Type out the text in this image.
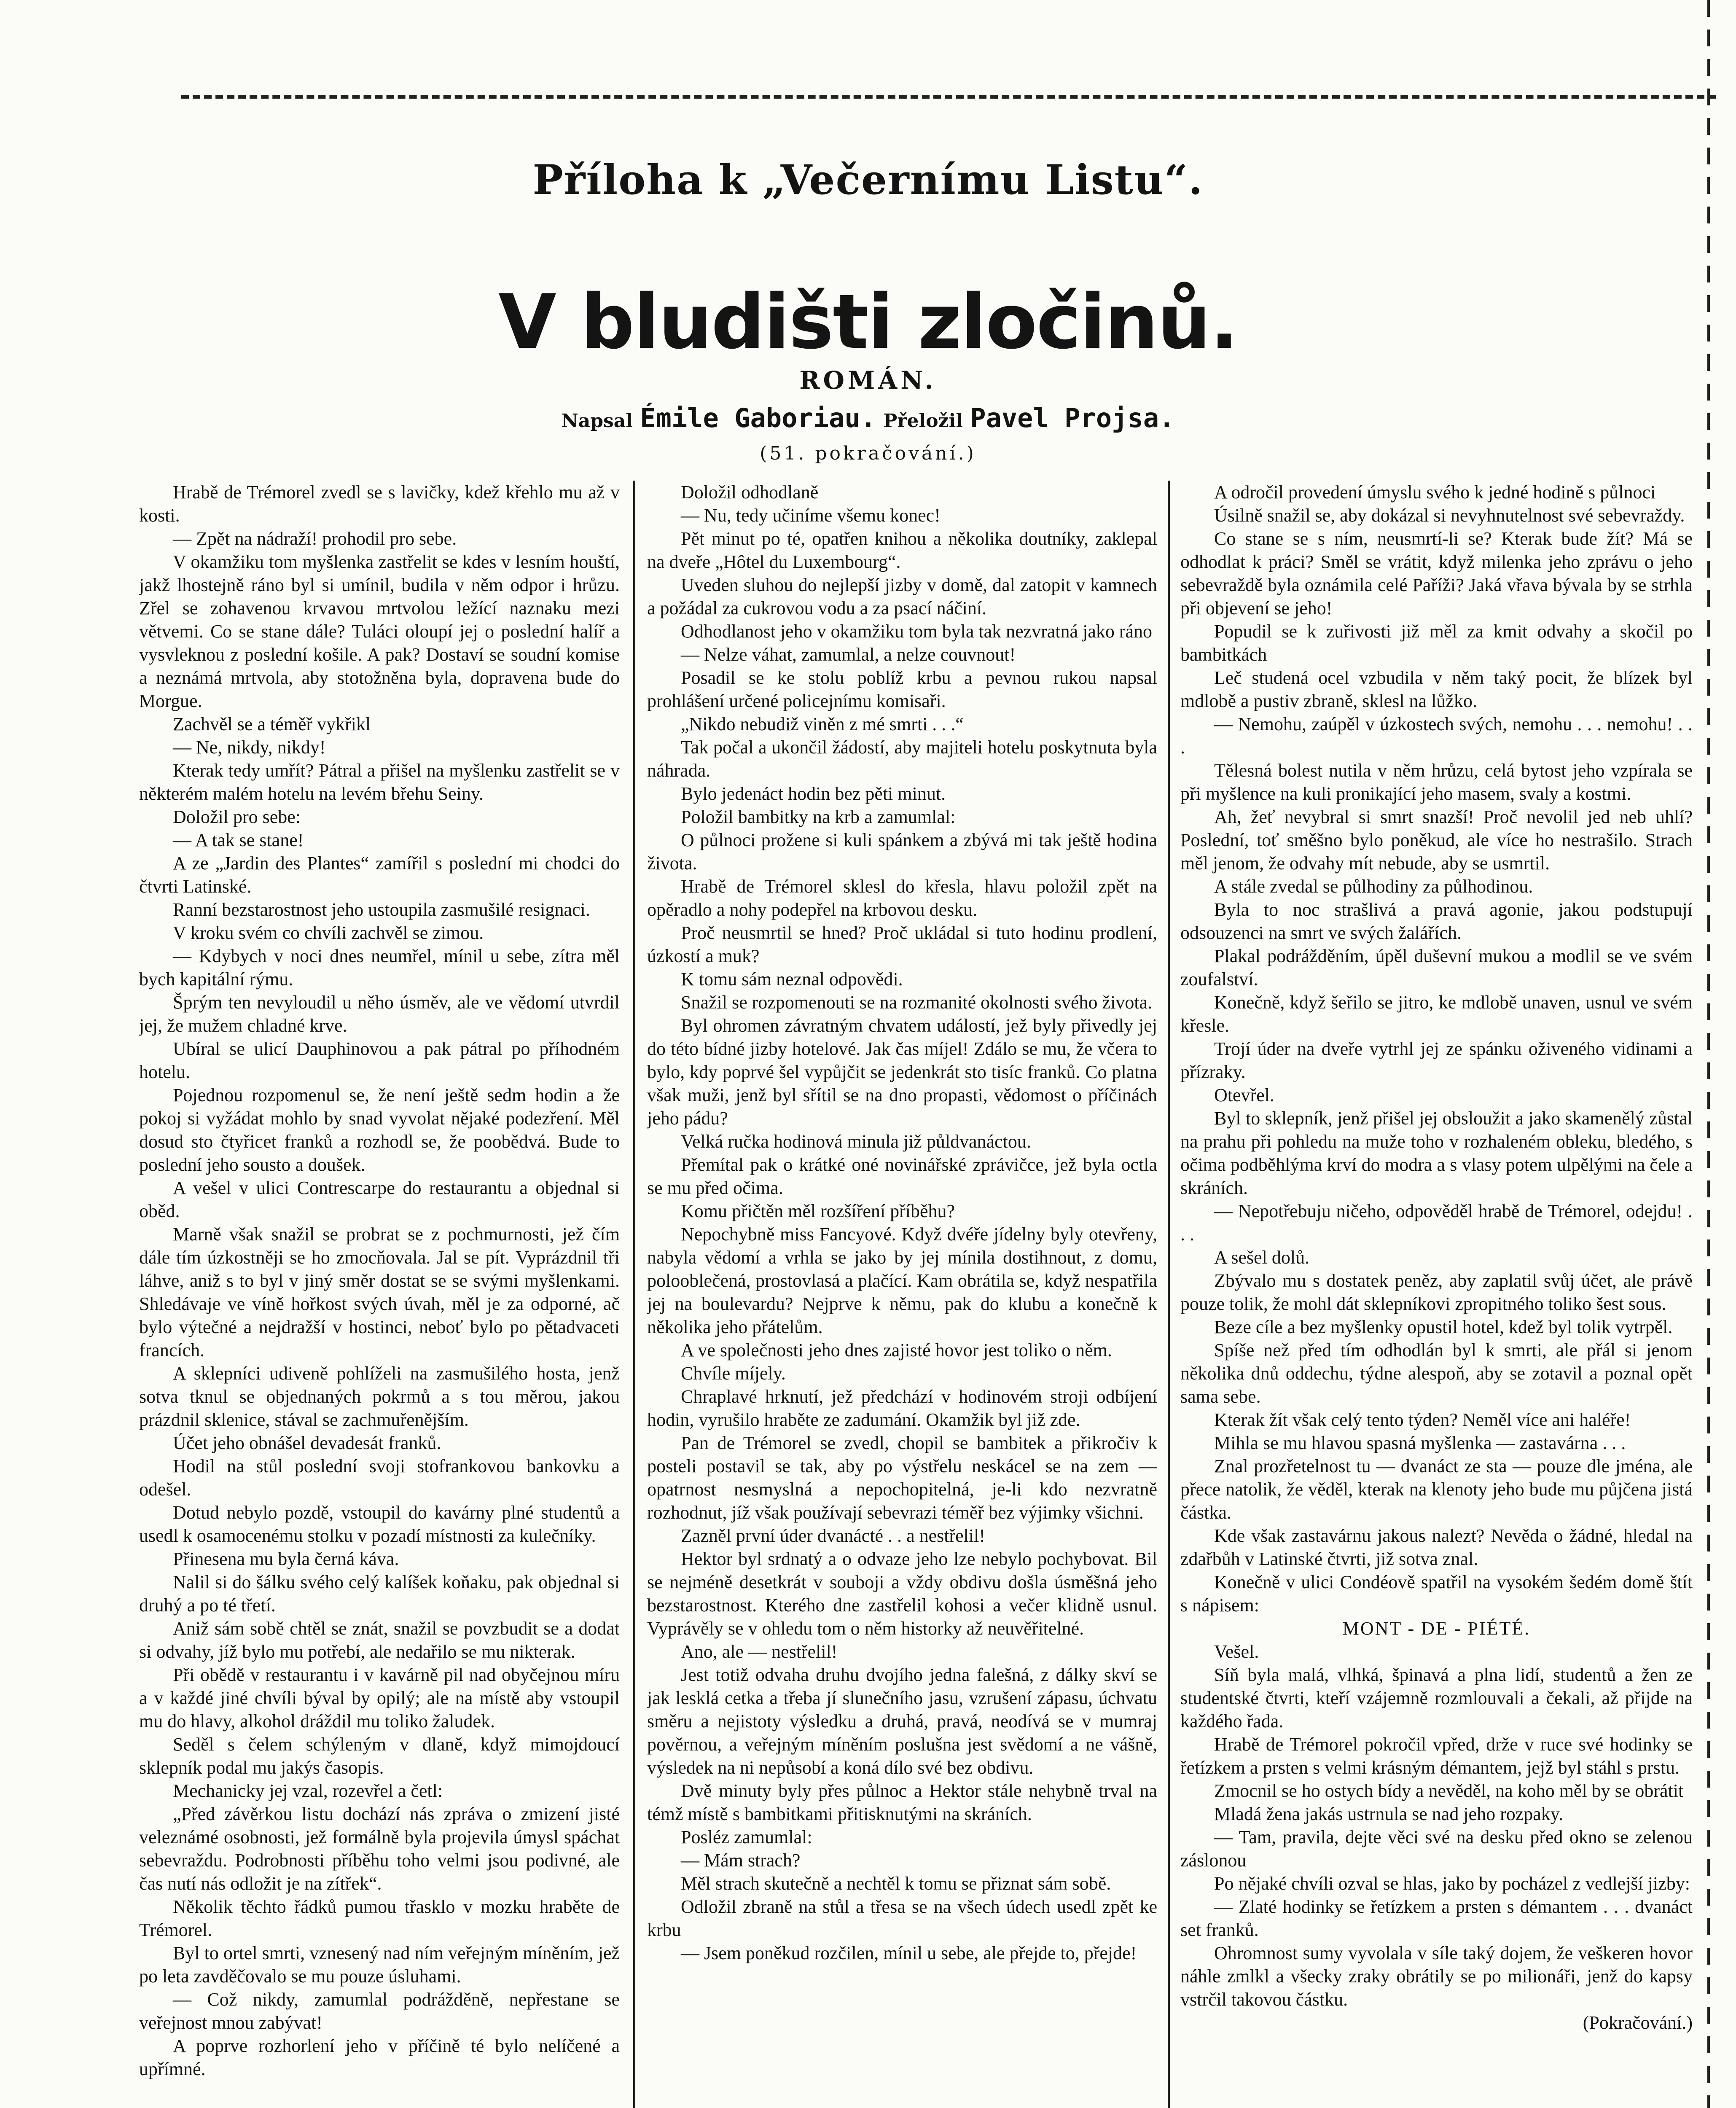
Příloha k „Večernímu Listu“.
V bludišti zločinů.
ROMÁN.
Napsal Émile Gaboriau. Přeložil Pavel Projsa.
(51. pokračování.)

Hrabě de Trémorel zvedl se s lavičky, kdež křehlo mu až v kosti.

— Zpět na nádraží! prohodil pro sebe.

V okamžiku tom myšlenka zastřelit se kdes v lesním houští, jakž lhostejně ráno byl si umínil, budila v něm odpor i hrůzu. Zřel se zohavenou krvavou mrtvolou ležící naznaku mezi větvemi. Co se stane dále? Tuláci oloupí jej o poslední halíř a vysvleknou z poslední košile. A pak? Dostaví se soudní komise a neznámá mrtvola, aby stotožněna byla, dopravena bude do Morgue.

Zachvěl se a téměř vykřikl

— Ne, nikdy, nikdy!

Kterak tedy umřít? Pátral a přišel na myšlenku zastřelit se v některém malém hotelu na levém břehu Seiny.

Doložil pro sebe:

— A tak se stane!

A ze „Jardin des Plantes“ zamířil s poslední mi chodci do čtvrti Latinské.

Ranní bezstarostnost jeho ustoupila zasmušilé resignaci.

V kroku svém co chvíli zachvěl se zimou.

— Kdybych v noci dnes neumřel, mínil u sebe, zítra měl bych kapitální rýmu.

Šprým ten nevyloudil u něho úsměv, ale ve vědomí utvrdil jej, že mužem chladné krve.

Ubíral se ulicí Dauphinovou a pak pátral po příhodném hotelu.

Pojednou rozpomenul se, že není ještě sedm hodin a že pokoj si vyžádat mohlo by snad vyvolat nějaké podezření. Měl dosud sto čtyřicet franků a rozhodl se, že poobědvá. Bude to poslední jeho sousto a doušek.

A vešel v ulici Contrescarpe do restaurantu a objednal si oběd.

Marně však snažil se probrat se z pochmurnosti, jež čím dále tím úzkostněji se ho zmocňovala. Jal se pít. Vyprázdnil tři láhve, aniž s to byl v jiný směr dostat se se svými myšlenkami. Shledávaje ve víně hořkost svých úvah, měl je za odporné, ač bylo výtečné a nejdražší v hostinci, neboť bylo po pětadvaceti francích.

A sklepníci udiveně pohlíželi na zasmušilého hosta, jenž sotva tknul se objednaných pokrmů a s tou měrou, jakou prázdnil sklenice, stával se zachmuřenějším.

Účet jeho obnášel devadesát franků.

Hodil na stůl poslední svoji stofrankovou bankovku a odešel.

Dotud nebylo pozdě, vstoupil do kavárny plné studentů a usedl k osamocenému stolku v pozadí místnosti za kulečníky.

Přinesena mu byla černá káva.

Nalil si do šálku svého celý kalíšek koňaku, pak objednal si druhý a po té třetí.

Aniž sám sobě chtěl se znát, snažil se povzbudit se a dodat si odvahy, jíž bylo mu potřebí, ale nedařilo se mu nikterak.

Při obědě v restaurantu i v kavárně pil nad obyčejnou míru a v každé jiné chvíli býval by opilý; ale na místě aby vstoupil mu do hlavy, alkohol dráždil mu toliko žaludek.

Seděl s čelem schýleným v dlaně, když mimojdoucí sklepník podal mu jakýs časopis.

Mechanicky jej vzal, rozevřel a četl:

„Před závěrkou listu dochází nás zpráva o zmizení jisté veleznámé osobnosti, jež formálně byla projevila úmysl spáchat sebevraždu. Podrobnosti příběhu toho velmi jsou podivné, ale čas nutí nás odložit je na zítřek“.

Několik těchto řádků pumou třasklo v mozku hraběte de Trémorel.

Byl to ortel smrti, vznesený nad ním veřejným míněním, jež po leta zavděčovalo se mu pouze úsluhami.

— Což nikdy, zamumlal podrážděně, nepřestane se veřejnost mnou zabývat!

A poprve rozhorlení jeho v příčině té bylo nelíčené a upřímné.

Doložil odhodlaně

— Nu, tedy učiníme všemu konec!

Pět minut po té, opatřen knihou a několika doutníky, zaklepal na dveře „Hôtel du Luxembourg“.

Uveden sluhou do nejlepší jizby v domě, dal zatopit v kamnech a požádal za cukrovou vodu a za psací náčiní.

Odhodlanost jeho v okamžiku tom byla tak nezvratná jako ráno

— Nelze váhat, zamumlal, a nelze couvnout!

Posadil se ke stolu poblíž krbu a pevnou rukou napsal prohlášení určené policejnímu komisaři.

„Nikdo nebudiž viněn z mé smrti . . .“

Tak počal a ukončil žádostí, aby majiteli hotelu poskytnuta byla náhrada.

Bylo jedenáct hodin bez pěti minut.

Položil bambitky na krb a zamumlal:

O půlnoci prožene si kuli spánkem a zbývá mi tak ještě hodina života.

Hrabě de Trémorel sklesl do křesla, hlavu položil zpět na opěradlo a nohy podepřel na krbovou desku.

Proč neusmrtil se hned? Proč ukládal si tuto hodinu prodlení, úzkostí a muk?

K tomu sám neznal odpovědi.

Snažil se rozpomenouti se na rozmanité okolnosti svého života.

Byl ohromen závratným chvatem událostí, jež byly přivedly jej do této bídné jizby hotelové. Jak čas míjel! Zdálo se mu, že včera to bylo, kdy poprvé šel vypůjčit se jedenkrát sto tisíc franků. Co platna však muži, jenž byl sřítil se na dno propasti, vědomost o příčinách jeho pádu?

Velká ručka hodinová minula již půldvanáctou.

Přemítal pak o krátké oné novinářské zprávičce, jež byla octla se mu před očima.

Komu přičtěn měl rozšíření příběhu?

Nepochybně miss Fancyové. Když dvéře jídelny byly otevřeny, nabyla vědomí a vrhla se jako by jej mínila dostihnout, z domu, polooblečená, prostovlasá a plačící. Kam obrátila se, když nespatřila jej na boulevardu? Nejprve k němu, pak do klubu a konečně k několika jeho přátelům.

A ve společnosti jeho dnes zajisté hovor jest toliko o něm.

Chvíle míjely.

Chraplavé hrknutí, jež předchází v hodinovém stroji odbíjení hodin, vyrušilo hraběte ze zadumání. Okamžik byl již zde.

Pan de Trémorel se zvedl, chopil se bambitek a přikročiv k posteli postavil se tak, aby po výstřelu neskácel se na zem — opatrnost nesmyslná a nepochopitelná, je-li kdo nezvratně rozhodnut, jíž však používají sebevrazi téměř bez výjimky všichni.

Zazněl první úder dvanácté . . a nestřelil!

Hektor byl srdnatý a o odvaze jeho lze nebylo pochybovat. Bil se nejméně desetkrát v souboji a vždy obdivu došla úsměšná jeho bezstarostnost. Kterého dne zastřelil kohosi a večer klidně usnul. Vyprávěly se v ohledu tom o něm historky až neuvěřitelné.

Ano, ale — nestřelil!

Jest totiž odvaha druhu dvojího jedna falešná, z dálky skví se jak lesklá cetka a třeba jí slunečního jasu, vzrušení zápasu, úchvatu směru a nejistoty výsledku a druhá, pravá, neodívá se v mumraj pověrnou, a veřejným míněním poslušna jest svědomí a ne vášně, výsledek na ni nepůsobí a koná dílo své bez obdivu.

Dvě minuty byly přes půlnoc a Hektor stále nehybně trval na témž místě s bambitkami přitisknutými na skráních.

Posléz zamumlal:

— Mám strach?

Měl strach skutečně a nechtěl k tomu se přiznat sám sobě.

Odložil zbraně na stůl a třesa se na všech údech usedl zpět ke krbu

— Jsem poněkud rozčilen, mínil u sebe, ale přejde to, přejde!

A odročil provedení úmyslu svého k jedné hodině s půlnoci

Úsilně snažil se, aby dokázal si nevyhnutelnost své sebevraždy.

Co stane se s ním, neusmrtí-li se? Kterak bude žít? Má se odhodlat k práci? Směl se vrátit, když milenka jeho zprávu o jeho sebevraždě byla oznámila celé Paříži? Jaká vřava bývala by se strhla při objevení se jeho!

Popudil se k zuřivosti již měl za kmit odvahy a skočil po bambitkách

Leč studená ocel vzbudila v něm taký pocit, že blízek byl mdlobě a pustiv zbraně, sklesl na lůžko.

— Nemohu, zaúpěl v úzkostech svých, nemohu . . . nemohu! . . .

Tělesná bolest nutila v něm hrůzu, celá bytost jeho vzpírala se při myšlence na kuli pronikající jeho masem, svaly a kostmi.

Ah, žeť nevybral si smrt snazší! Proč nevolil jed neb uhlí? Poslední, toť směšno bylo poněkud, ale více ho nestrašilo. Strach měl jenom, že odvahy mít nebude, aby se usmrtil.

A stále zvedal se půlhodiny za půlhodinou.

Byla to noc strašlivá a pravá agonie, jakou podstupují odsouzenci na smrt ve svých žalářích.

Plakal podrážděním, úpěl duševní mukou a modlil se ve svém zoufalství.

Konečně, když šeřilo se jitro, ke mdlobě unaven, usnul ve svém křesle.

Trojí úder na dveře vytrhl jej ze spánku oživeného vidinami a přízraky.

Otevřel.

Byl to sklepník, jenž přišel jej obsloužit a jako skamenělý zůstal na prahu při pohledu na muže toho v rozhaleném obleku, bledého, s očima podběhlýma krví do modra a s vlasy potem ulpělými na čele a skráních.

— Nepotřebuju ničeho, odpověděl hrabě de Trémorel, odejdu! . . .

A sešel dolů.

Zbývalo mu s dostatek peněz, aby zaplatil svůj účet, ale právě pouze tolik, že mohl dát sklepníkovi zpropitného toliko šest sous.

Beze cíle a bez myšlenky opustil hotel, kdež byl tolik vytrpěl.

Spíše než před tím odhodlán byl k smrti, ale přál si jenom několika dnů oddechu, týdne alespoň, aby se zotavil a poznal opět sama sebe.

Kterak žít však celý tento týden? Neměl více ani haléře!

Mihla se mu hlavou spasná myšlenka — zastavárna . . .

Znal prozřetelnost tu — dvanáct ze sta — pouze dle jména, ale přece natolik, že věděl, kterak na klenoty jeho bude mu půjčena jistá částka.

Kde však zastavárnu jakous nalezt? Nevěda o žádné, hledal na zdařbůh v Latinské čtvrti, již sotva znal.

Konečně v ulici Condéově spatřil na vysokém šedém domě štít s nápisem:

MONT - DE - PIÉTÉ.

Vešel.

Síň byla malá, vlhká, špinavá a plna lidí, studentů a žen ze studentské čtvrti, kteří vzájemně rozmlouvali a čekali, až přijde na každého řada.

Hrabě de Trémorel pokročil vpřed, drže v ruce své hodinky se řetízkem a prsten s velmi krásným démantem, jejž byl stáhl s prstu.

Zmocnil se ho ostych bídy a nevěděl, na koho měl by se obrátit

Mladá žena jakás ustrnula se nad jeho rozpaky.

— Tam, pravila, dejte věci své na desku před okno se zelenou záslonou

Po nějaké chvíli ozval se hlas, jako by pocházel z vedlejší jizby:

— Zlaté hodinky se řetízkem a prsten s démantem . . . dvanáct set franků.

Ohromnost sumy vyvolala v síle taký dojem, že veškeren hovor náhle zmlkl a všecky zraky obrátily se po milionáři, jenž do kapsy vstrčil takovou částku.

(Pokračování.)
